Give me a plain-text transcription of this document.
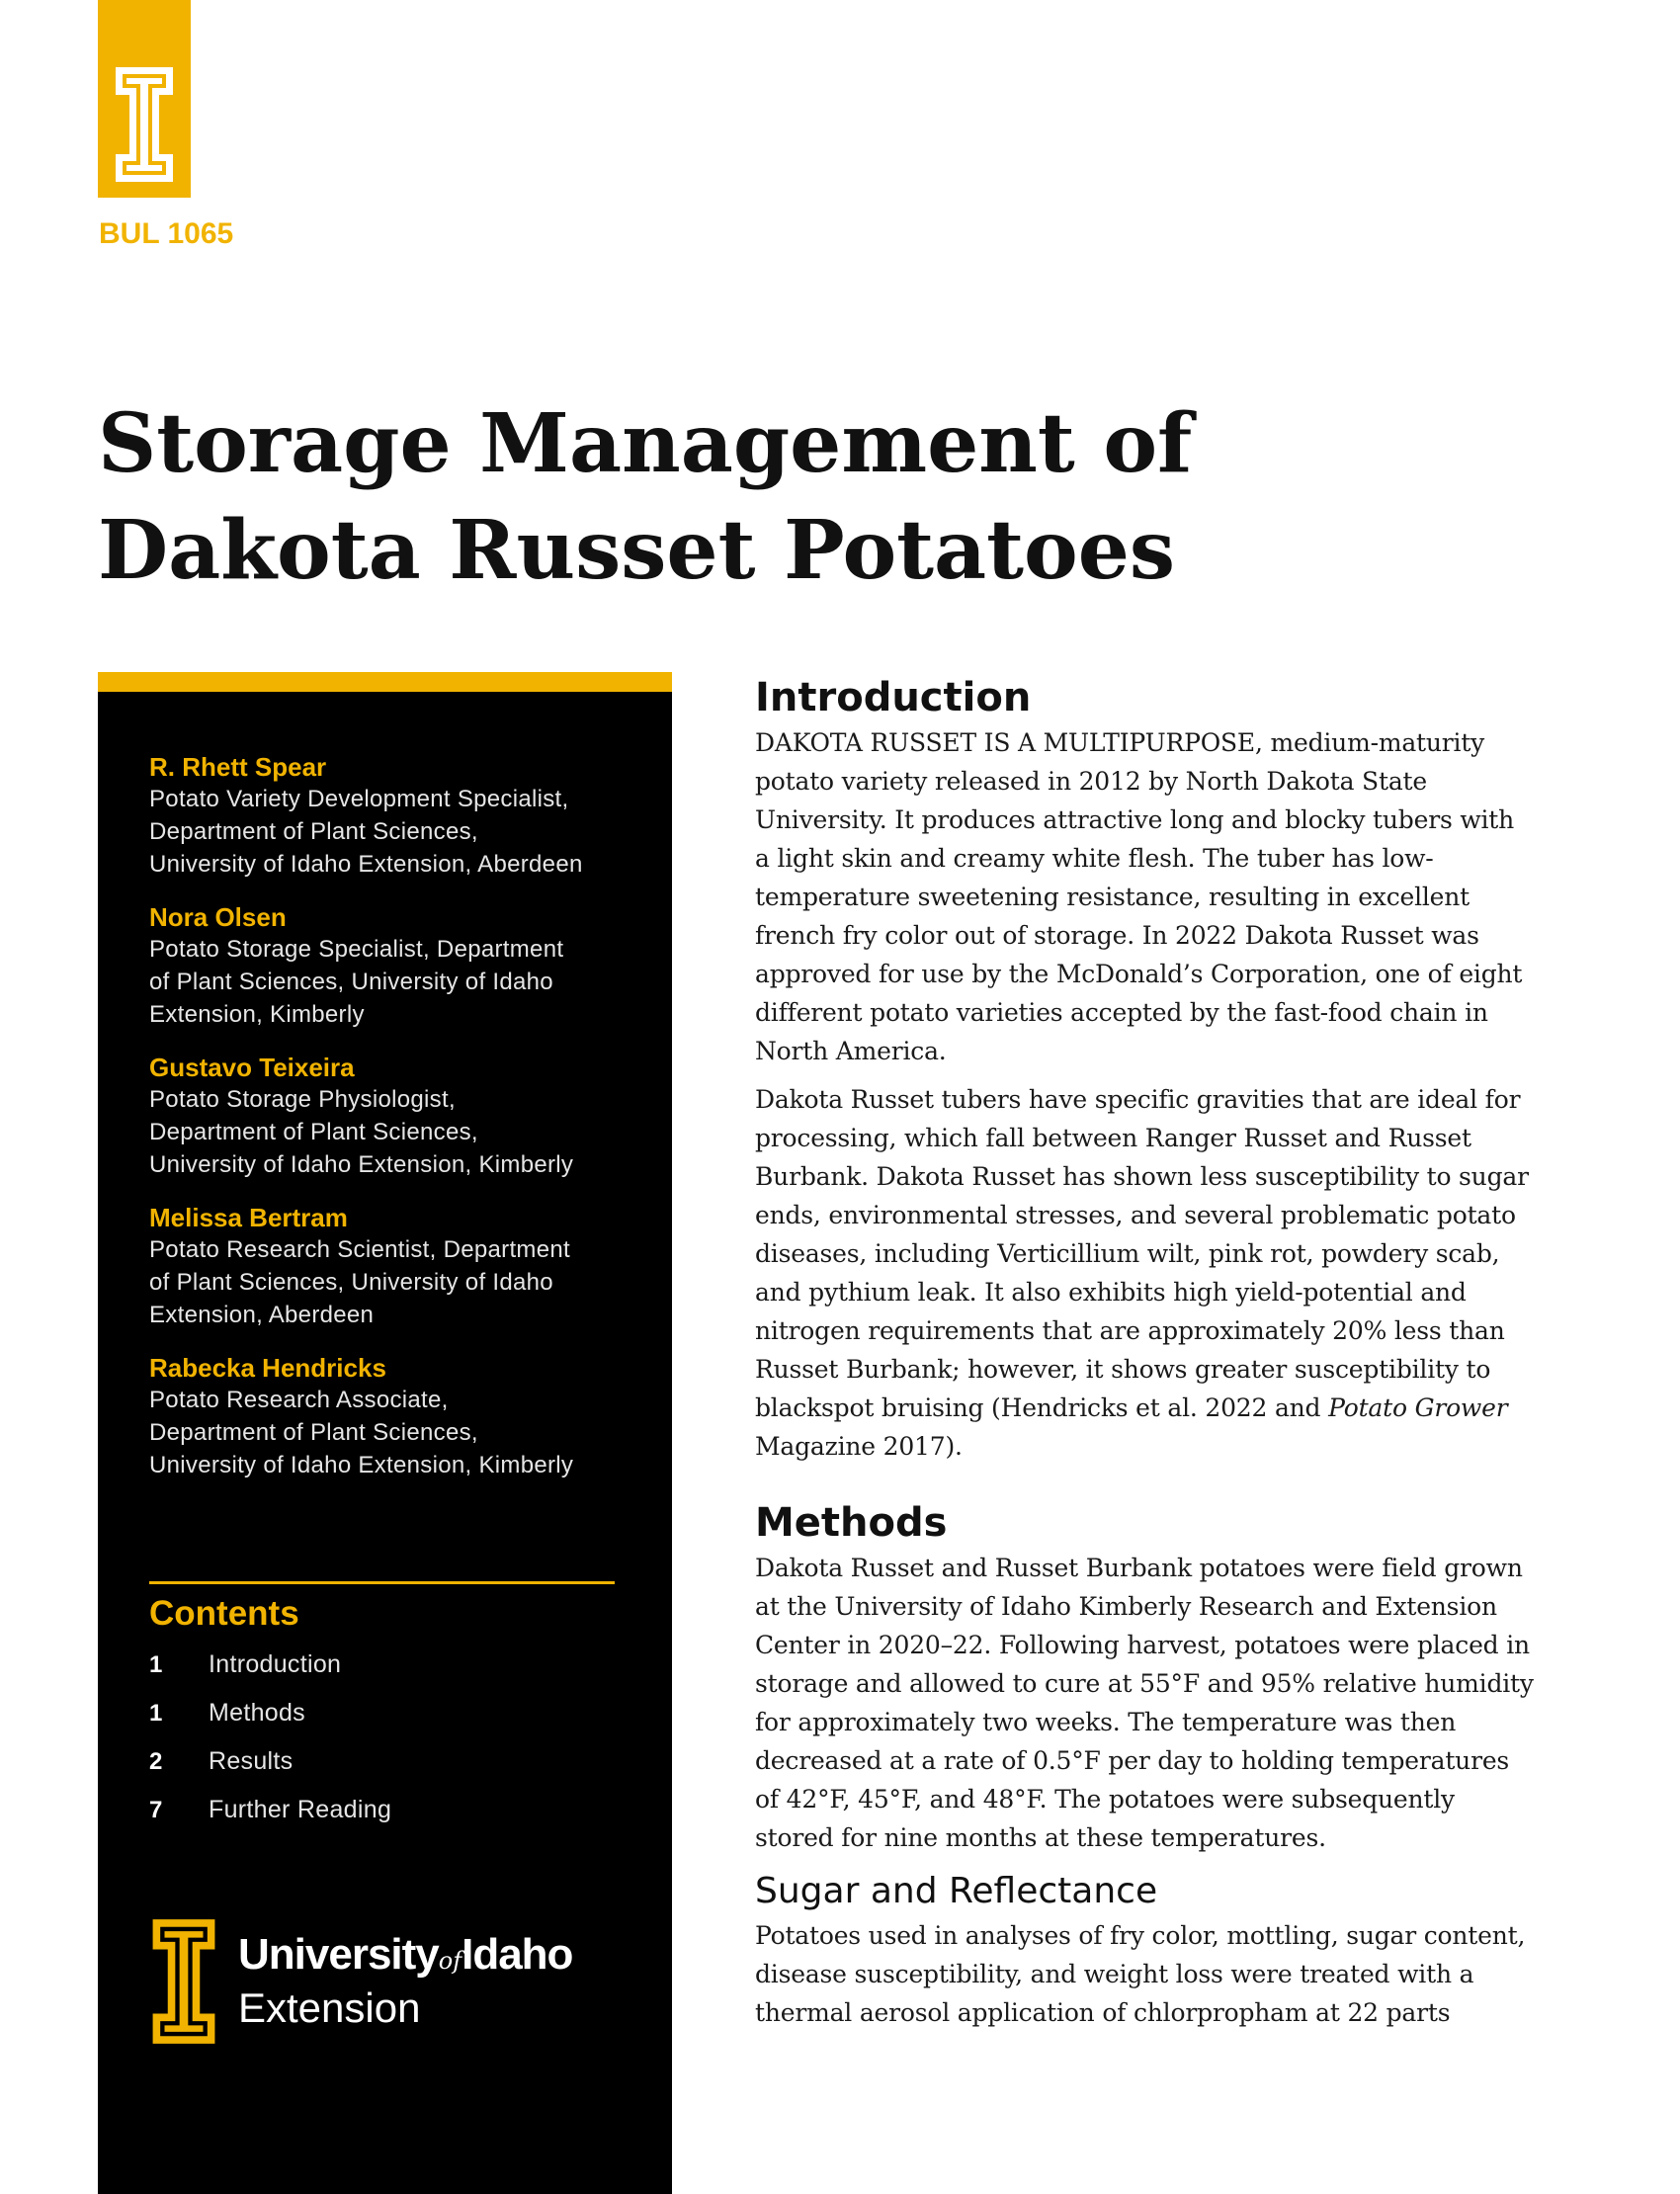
BUL 1065
Storage Management of
Dakota Russet Potatoes
R. Rhett Spear
Potato Variety Development Specialist,
Department of Plant Sciences,
University of Idaho Extension, Aberdeen
Nora Olsen
Potato Storage Specialist, Department
of Plant Sciences, University of Idaho
Extension, Kimberly
Gustavo Teixeira
Potato Storage Physiologist,
Department of Plant Sciences,
University of Idaho Extension, Kimberly
Melissa Bertram
Potato Research Scientist, Department
of Plant Sciences, University of Idaho
Extension, Aberdeen
Rabecka Hendricks
Potato Research Associate,
Department of Plant Sciences,
University of Idaho Extension, Kimberly
Contents
1	Introduction
1	Methods
2	Results
7	Further Reading
UniversityofIdaho
Extension
Introduction

DAKOTA RUSSET IS A MULTIPURPOSE, medium-maturity potato variety released in 2012 by North Dakota State University. It produces attractive long and blocky tubers with a light skin and creamy white flesh. The tuber has low-temperature sweetening resistance, resulting in excellent french fry color out of storage. In 2022 Dakota Russet was approved for use by the McDonald’s Corporation, one of eight different potato varieties accepted by the fast-food chain in North America.

Dakota Russet tubers have specific gravities that are ideal for processing, which fall between Ranger Russet and Russet Burbank. Dakota Russet has shown less susceptibility to sugar ends, environmental stresses, and several problematic potato diseases, including Verticillium wilt, pink rot, powdery scab, and pythium leak. It also exhibits high yield-potential and nitrogen requirements that are approximately 20% less than Russet Burbank; however, it shows greater susceptibility to blackspot bruising (Hendricks et al. 2022 and Potato Grower Magazine 2017).

Methods

Dakota Russet and Russet Burbank potatoes were field grown at the University of Idaho Kimberly Research and Extension Center in 2020–22. Following harvest, potatoes were placed in storage and allowed to cure at 55°F and 95% relative humidity for approximately two weeks. The temperature was then decreased at a rate of 0.5°F per day to holding temperatures of 42°F, 45°F, and 48°F. The potatoes were subsequently stored for nine months at these temperatures.

Sugar and Reflectance

Potatoes used in analyses of fry color, mottling, sugar content, disease susceptibility, and weight loss were treated with a thermal aerosol application of chlorpropham at 22 parts
